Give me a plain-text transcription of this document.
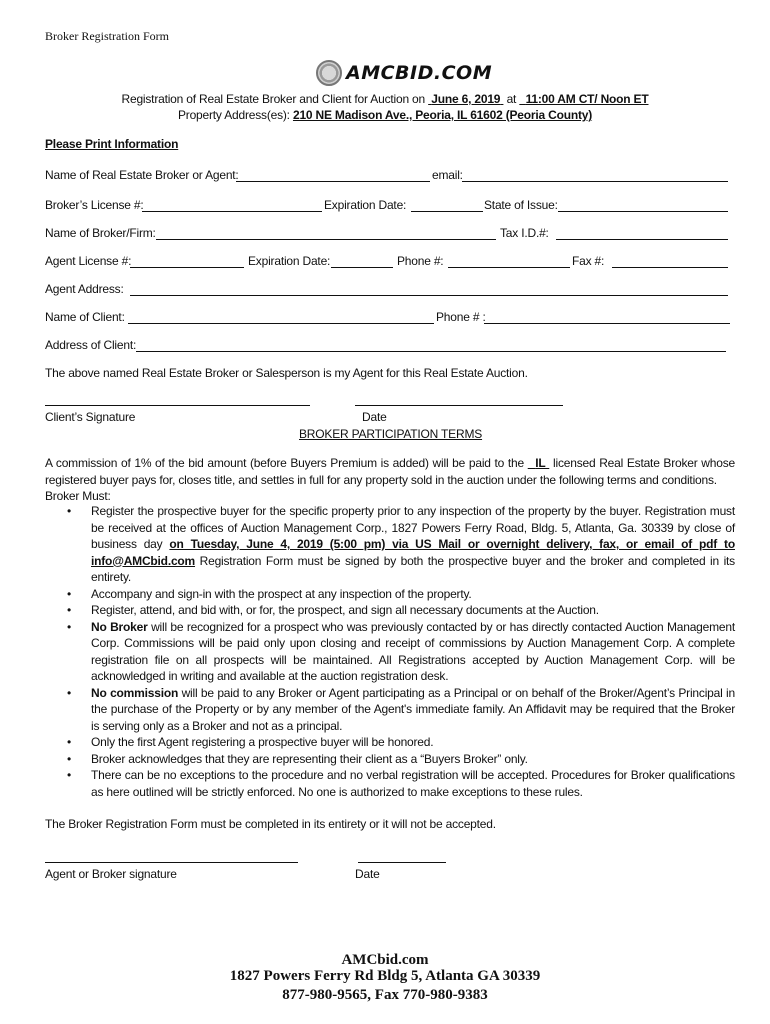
Broker Registration Form
AMCBID.COM
Registration of Real Estate Broker and Client for Auction on June 6, 2019 at 11:00 AM CT/ Noon ET
Property Address(es): 210 NE Madison Ave., Peoria, IL 61602 (Peoria County)
Please Print Information
Name of Real Estate Broker or Agent:	email:
Broker’s License #:	Expiration Date:	State of Issue:
Name of Broker/Firm:	Tax I.D.#:
Agent License #:	Expiration Date:	Phone #:	Fax #:
Agent Address:
Name of Client:	Phone # :
Address of Client:
The above named Real Estate Broker or Salesperson is my Agent for this Real Estate Auction.
Client’s Signature	Date
BROKER PARTICIPATION TERMS
A commission of 1% of the bid amount (before Buyers Premium is added) will be paid to the IL licensed Real Estate Broker whose registered buyer pays for, closes title, and settles in full for any property sold in the auction under the following terms and conditions.
Broker Must:
• Register the prospective buyer for the specific property prior to any inspection of the property by the buyer. Registration must be received at the offices of Auction Management Corp., 1827 Powers Ferry Road, Bldg. 5, Atlanta, Ga. 30339 by close of business day on Tuesday, June 4, 2019 (5:00 pm) via US Mail or overnight delivery, fax, or email of pdf to info@AMCbid.com Registration Form must be signed by both the prospective buyer and the broker and completed in its entirety.
• Accompany and sign-in with the prospect at any inspection of the property.
• Register, attend, and bid with, or for, the prospect, and sign all necessary documents at the Auction.
• No Broker will be recognized for a prospect who was previously contacted by or has directly contacted Auction Management Corp. Commissions will be paid only upon closing and receipt of commissions by Auction Management Corp. A complete registration file on all prospects will be maintained. All Registrations accepted by Auction Management Corp. will be acknowledged in writing and available at the auction registration desk.
• No commission will be paid to any Broker or Agent participating as a Principal or on behalf of the Broker/Agent’s Principal in the purchase of the Property or by any member of the Agent's immediate family. An Affidavit may be required that the Broker is serving only as a Broker and not as a principal.
• Only the first Agent registering a prospective buyer will be honored.
• Broker acknowledges that they are representing their client as a “Buyers Broker” only.
• There can be no exceptions to the procedure and no verbal registration will be accepted. Procedures for Broker qualifications as here outlined will be strictly enforced. No one is authorized to make exceptions to these rules.
The Broker Registration Form must be completed in its entirety or it will not be accepted.
Agent or Broker signature	Date
AMCbid.com
1827 Powers Ferry Rd Bldg 5, Atlanta GA 30339
877-980-9565, Fax 770-980-9383
